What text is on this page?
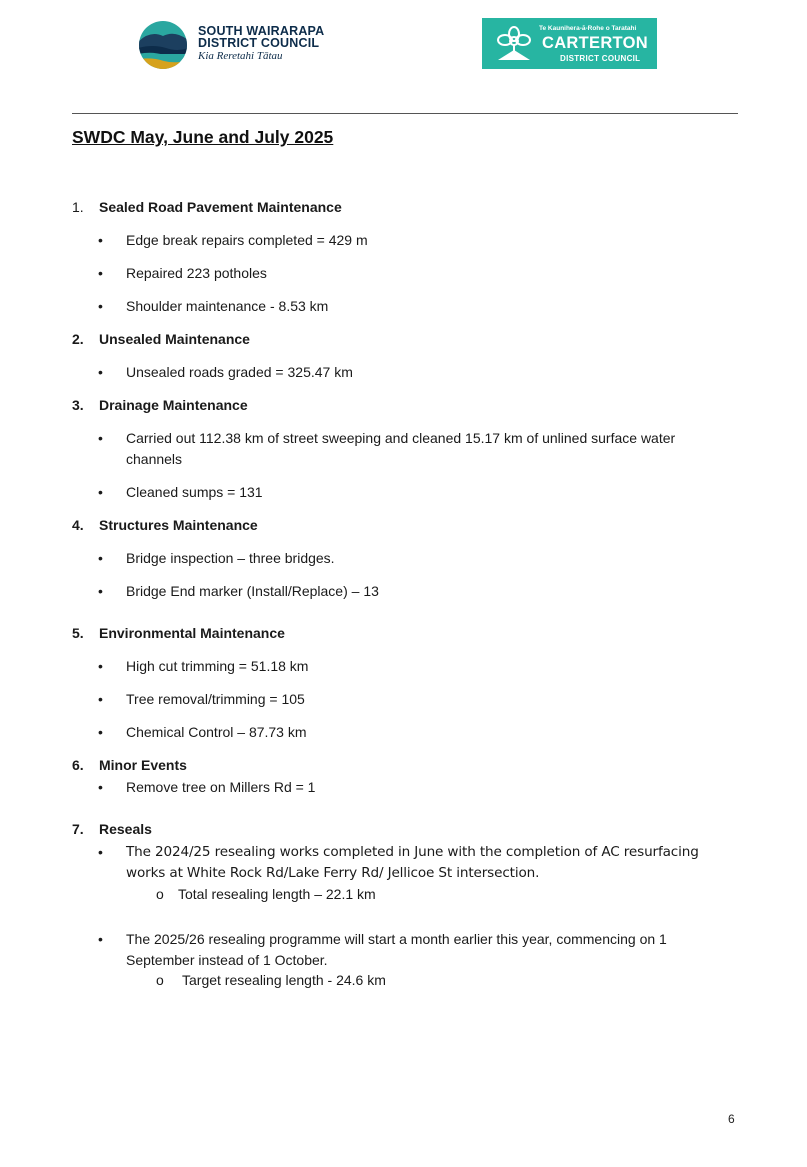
SOUTH WAIRARAPA
DISTRICT COUNCIL
Kia Reretahi Tātau
Te Kaunihera-ā-Rohe o Taratahi
CARTERTON
DISTRICT COUNCIL
SWDC May, June and July 2025
1. Sealed Road Pavement Maintenance
• Edge break repairs completed = 429 m
• Repaired 223 potholes
• Shoulder maintenance - 8.53 km
2. Unsealed Maintenance
• Unsealed roads graded = 325.47 km
3. Drainage Maintenance
• Carried out 112.38 km of street sweeping and cleaned 15.17 km of unlined surface water channels
• Cleaned sumps = 131
4. Structures Maintenance
• Bridge inspection – three bridges.
• Bridge End marker (Install/Replace) – 13
5. Environmental Maintenance
• High cut trimming = 51.18 km
• Tree removal/trimming = 105
• Chemical Control – 87.73 km
6. Minor Events
• Remove tree on Millers Rd = 1
7. Reseals
• The 2024/25 resealing works completed in June with the completion of AC resurfacing works at White Rock Rd/Lake Ferry Rd/ Jellicoe St intersection.
o Total resealing length – 22.1 km
• The 2025/26 resealing programme will start a month earlier this year, commencing on 1 September instead of 1 October.
o Target resealing length - 24.6 km
6
